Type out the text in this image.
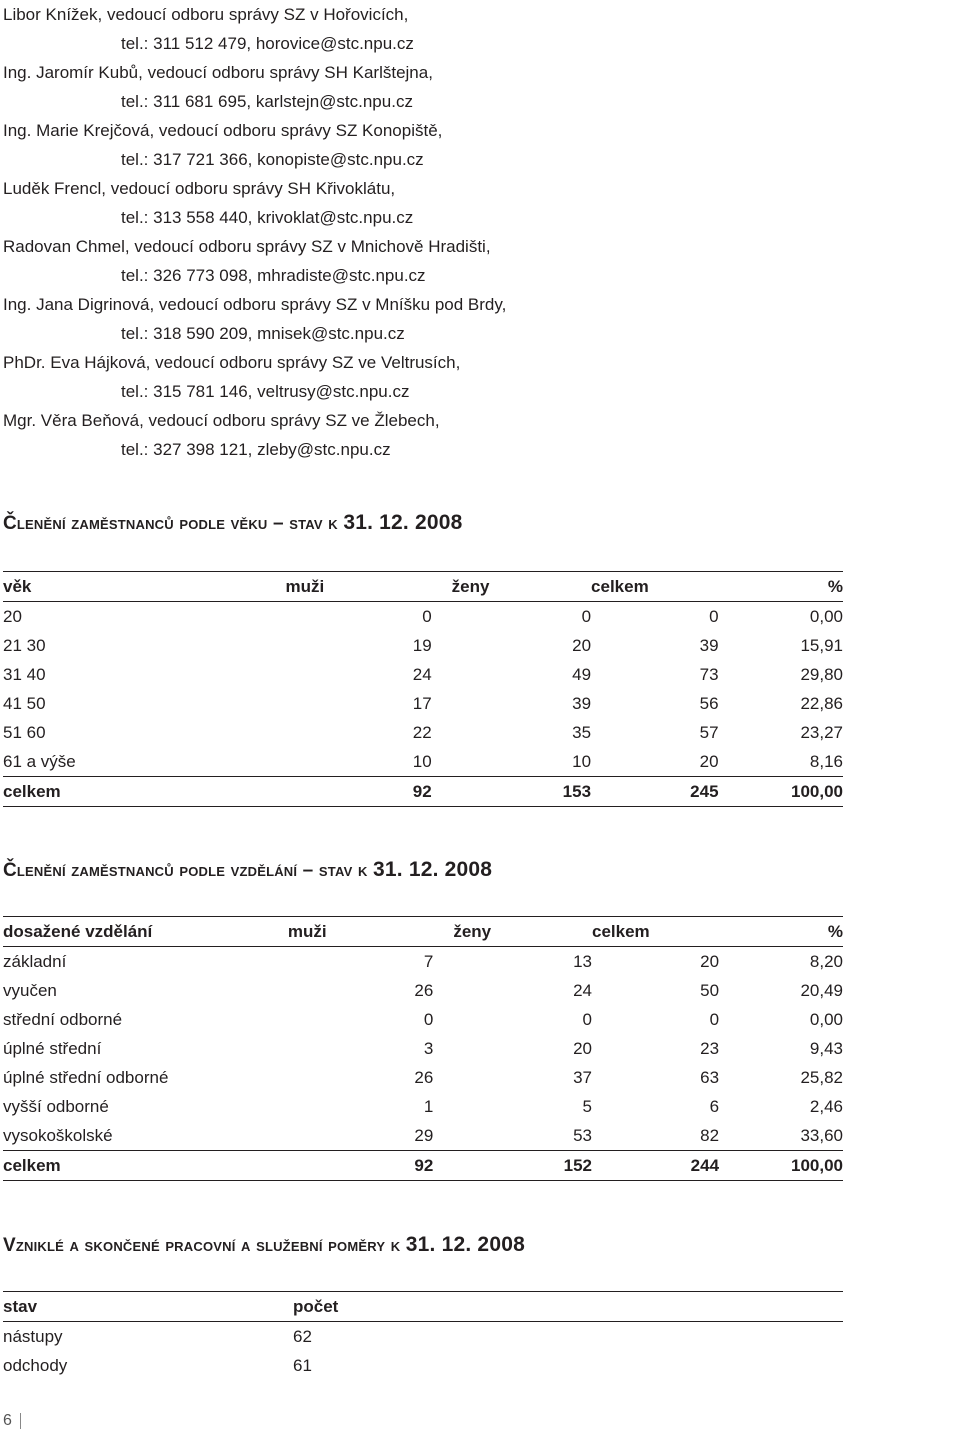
Libor Knížek, vedoucí odboru správy SZ v Hořovicích,
tel.: 311 512 479, horovice@stc.npu.cz
Ing. Jaromír Kubů, vedoucí odboru správy SH Karlštejna,
tel.: 311 681 695, karlstejn@stc.npu.cz
Ing. Marie Krejčová, vedoucí odboru správy SZ Konopiště,
tel.: 317 721 366, konopiste@stc.npu.cz
Luděk Frencl, vedoucí odboru správy SH Křivoklátu,
tel.: 313 558 440, krivoklat@stc.npu.cz
Radovan Chmel, vedoucí odboru správy SZ v Mnichově Hradišti,
tel.: 326 773 098, mhradiste@stc.npu.cz
Ing. Jana Digrinová, vedoucí odboru správy SZ v Mníšku pod Brdy,
tel.: 318 590 209, mnisek@stc.npu.cz
PhDr. Eva Hájková, vedoucí odboru správy SZ ve Veltrusích,
tel.: 315 781 146, veltrusy@stc.npu.cz
Mgr. Věra Beňová, vedoucí odboru správy SZ ve Žlebech,
tel.: 327 398 121, zleby@stc.npu.cz
Členění zaměstnanců podle věku – stav k 31. 12. 2008
věk	muži	ženy	celkem	%
20	0	0	0	0,00
21 30	19	20	39	15,91
31 40	24	49	73	29,80
41 50	17	39	56	22,86
51 60	22	35	57	23,27
61 a výše	10	10	20	8,16
celkem	92	153	245	100,00
Členění zaměstnanců podle vzdělání – stav k 31. 12. 2008
dosažené vzdělání	muži	ženy	celkem	%
základní	7	13	20	8,20
vyučen	26	24	50	20,49
střední odborné	0	0	0	0,00
úplné střední	3	20	23	9,43
úplné střední odborné	26	37	63	25,82
vyšší odborné	1	5	6	2,46
vysokoškolské	29	53	82	33,60
celkem	92	152	244	100,00
Vzniklé a skončené pracovní a služební poměry k 31. 12. 2008
stav	počet
nástupy	62
odchody	61
6
